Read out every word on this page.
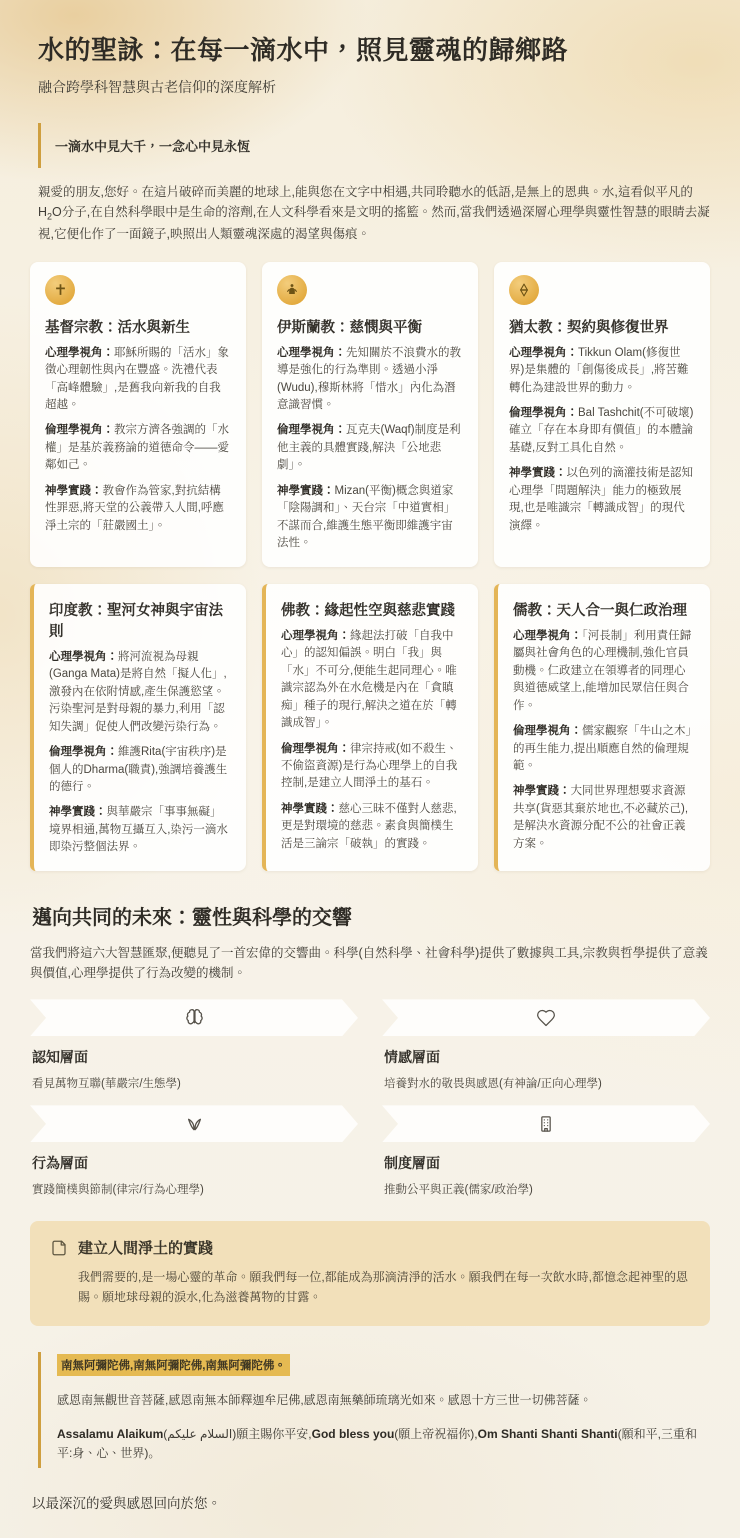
水的聖詠：在每一滴水中，照見靈魂的歸鄉路
融合跨學科智慧與古老信仰的深度解析
一滴水中見大千，一念心中見永恆

親愛的朋友,您好。在這片破碎而美麗的地球上,能與您在文字中相遇,共同聆聽水的低語,是無上的恩典。水,這看似平凡的$H_2O$分子,在自然科學眼中是生命的溶劑,在人文科學看來是文明的搖籃。然而,當我們透過深層心理學與靈性智慧的眼睛去凝視,它便化作了一面鏡子,映照出人類靈魂深處的渴望與傷痕。

基督宗教：活水與新生

心理學視角：耶穌所賜的「活水」象徵心理韌性與內在豐盛。洗禮代表「高峰體驗」,是舊我向新我的自我超越。

倫理學視角：教宗方濟各強調的「水權」是基於義務論的道德命令——愛鄰如己。

神學實踐：教會作為管家,對抗結構性罪惡,將天堂的公義帶入人間,呼應淨土宗的「莊嚴國土」。

伊斯蘭教：慈憫與平衡

心理學視角：先知關於不浪費水的教導是強化的行為準則。透過小淨(Wudu),穆斯林將「惜水」內化為潛意識習慣。

倫理學視角：瓦克夫(Waqf)制度是利他主義的具體實踐,解決「公地悲劇」。

神學實踐：Mizan(平衡)概念與道家「陰陽調和」、天台宗「中道實相」不謀而合,維護生態平衡即維護宇宙法性。

猶太教：契約與修復世界

心理學視角：Tikkun Olam(修復世界)是集體的「創傷後成長」,將苦難轉化為建設世界的動力。

倫理學視角：Bal Tashchit(不可破壞)確立「存在本身即有價值」的本體論基礎,反對工具化自然。

神學實踐：以色列的滴灌技術是認知心理學「問題解決」能力的極致展現,也是唯識宗「轉識成智」的現代演繹。

印度教：聖河女神與宇宙法則

心理學視角：將河流視為母親(Ganga Mata)是將自然「擬人化」,激發內在依附情感,產生保護慾望。污染聖河是對母親的暴力,利用「認知失調」促使人們改變污染行為。

倫理學視角：維護Rita(宇宙秩序)是個人的Dharma(職責),強調培養護生的德行。

神學實踐：與華嚴宗「事事無礙」境界相通,萬物互攝互入,染污一滴水即染污整個法界。

佛教：緣起性空與慈悲實踐

心理學視角：緣起法打破「自我中心」的認知偏誤。明白「我」與「水」不可分,便能生起同理心。唯識宗認為外在水危機是內在「貪瞋痴」種子的現行,解決之道在於「轉識成智」。

倫理學視角：律宗持戒(如不殺生、不偷盜資源)是行為心理學上的自我控制,是建立人間淨土的基石。

神學實踐：慈心三昧不僅對人慈悲,更是對環境的慈悲。素食與簡樸生活是三論宗「破執」的實踐。

儒教：天人合一與仁政治理

心理學視角：「河長制」利用責任歸屬與社會角色的心理機制,強化官員動機。仁政建立在領導者的同理心與道德威望上,能增加民眾信任與合作。

倫理學視角：儒家觀察「牛山之木」的再生能力,提出順應自然的倫理規範。

神學實踐：大同世界理想要求資源共享(貨惡其棄於地也,不必藏於己),是解決水資源分配不公的社會正義方案。

邁向共同的未來：靈性與科學的交響

當我們將這六大智慧匯聚,便聽見了一首宏偉的交響曲。科學(自然科學、社會科學)提供了數據與工具,宗教與哲學提供了意義與價值,心理學提供了行為改變的機制。

認知層面

看見萬物互聯(華嚴宗/生態學)

情感層面

培養對水的敬畏與感恩(有神論/正向心理學)

行為層面

實踐簡樸與節制(律宗/行為心理學)

制度層面

推動公平與正義(儒家/政治學)

建立人間淨土的實踐

我們需要的,是一場心靈的革命。願我們每一位,都能成為那滴清淨的活水。願我們在每一次飲水時,都憶念起神聖的恩賜。願地球母親的淚水,化為滋養萬物的甘露。

南無阿彌陀佛,南無阿彌陀佛,南無阿彌陀佛。

感恩南無觀世音菩薩,感恩南無本師釋迦牟尼佛,感恩南無藥師琉璃光如來。感恩十方三世一切佛菩薩。

Assalamu Alaikum(السلام عليكم)願主賜你平安,God bless you(願上帝祝福你),Om Shanti Shanti Shanti(願和平,三重和平:身、心、世界)。

以最深沉的愛與感恩回向於您。
